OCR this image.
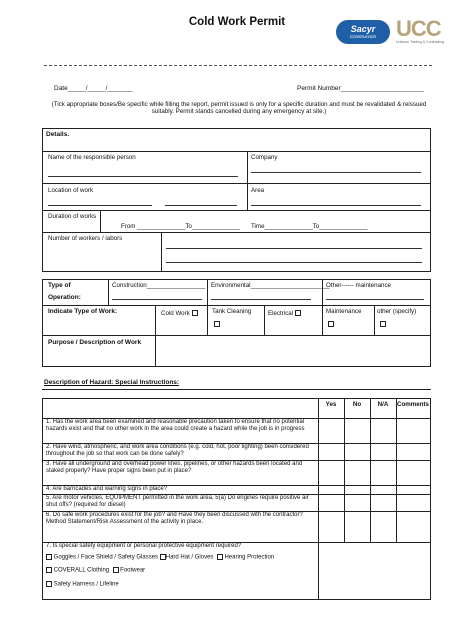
Cold Work Permit
Sacyr
Construcción UCC
Urbacon Trading & Contracting
Date_____/_____/_______	Permit Number_______________________
(Tick appropriate boxes/Be specific while filling the report, permit issued is only for a specific duration and must be revalidated & reissued suitably. Permit stands cancelled during any emergency at site.)
Details.
Name of the responsible person	Company
Location of work	Area
Duration of works
From ______________To______________ Time______________To______________
Number of workers / labors
Type of
Operation:
Construction_________________ Environmental_______________________
Other------ maintenance
Indicate Type of Work:	Cold Work	Tank Cleaning	Electrical	Maintenance	other (specify)
Purpose / Description of Work
Description of Hazard: Special Instructions:
Yes	No	N/A	Comments
1. Has the work area been examined and reasonable precaution taken to ensure that no potential hazards exist and that no other work in the area could create a hazard while the job is in progress
2. Have wind, atmospheric, and work area conditions (e.g. cold, hot, poor lighting) been considered throughout the job so that work can be done safely?
3. Have all underground and overhead power lines, pipelines, or other hazards been located and staked properly? Have proper signs been put in place?
4. Are barricades and warning signs in place?
5. Are motor vehicles, EQUIPMENT permitted in the work area, 5(a) Do engines require positive air shut offs? (required for diesel)
6. Do safe work procedures exist for the job? and Have they been discussed with the contractor? Method Statement/Risk Assessment of the activity in place.
7. Is special safety equipment or personal protective equipment required?
Goggles / Face Shield / Safety Glasses Hard Hat / Gloves Hearing Protection
COVERALL Clothing Footwear
Safety Harness / Lifeline
